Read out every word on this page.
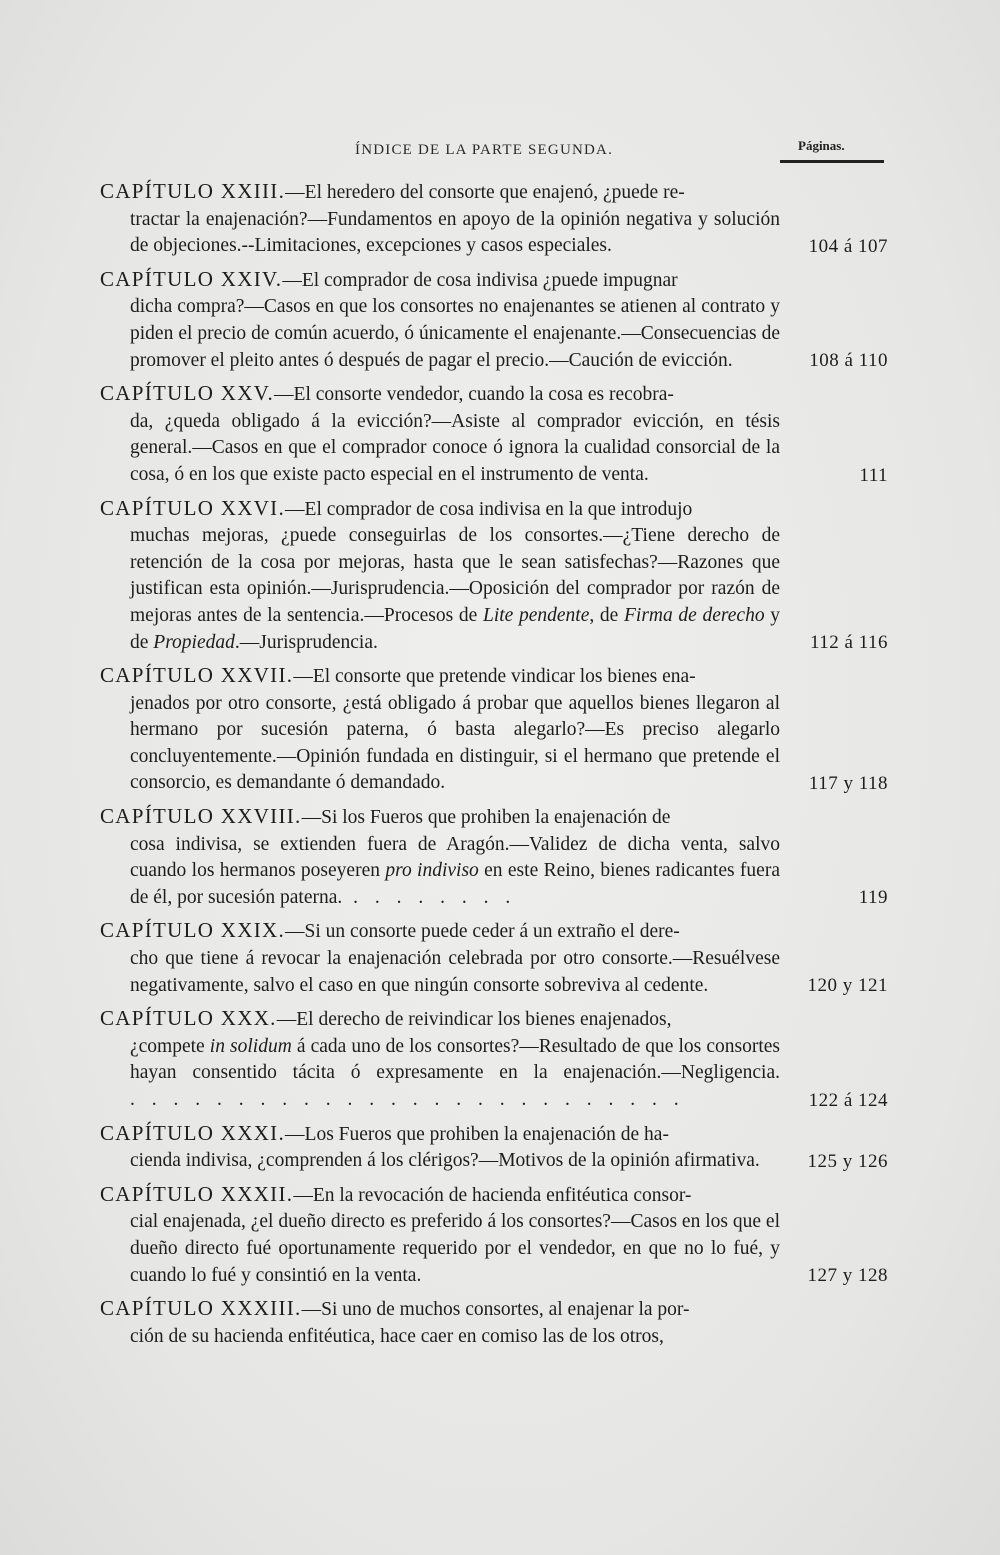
ÍNDICE DE LA PARTE SEGUNDA.	Páginas.
CAPÍTULO XXIII.—El heredero del consorte que enajenó, ¿puede re-
tractar la enajenación?—Fundamentos en apoyo de la opinión negativa y solución de objeciones.--Limitaciones, excepciones y casos especiales.	104 á 107
CAPÍTULO XXIV.—El comprador de cosa indivisa ¿puede impugnar
dicha compra?—Casos en que los consortes no enajenantes se atienen al contrato y piden el precio de común acuerdo, ó únicamente el enajenante.—Consecuencias de promover el pleito antes ó después de pagar el precio.—Caución de evicción.	108 á 110
CAPÍTULO XXV.—El consorte vendedor, cuando la cosa es recobra-
da, ¿queda obligado á la evicción?—Asiste al comprador evicción, en tésis general.—Casos en que el comprador conoce ó ignora la cualidad consorcial de la cosa, ó en los que existe pacto especial en el instrumento de venta.	111
CAPÍTULO XXVI.—El comprador de cosa indivisa en la que introdujo
muchas mejoras, ¿puede conseguirlas de los consortes.—¿Tiene derecho de retención de la cosa por mejoras, hasta que le sean satisfechas?—Razones que justifican esta opinión.—Jurisprudencia.—Oposición del comprador por razón de mejoras antes de la sentencia.—Procesos de Lite pendente, de Firma de derecho y de Propiedad.—Jurisprudencia.	112 á 116
CAPÍTULO XXVII.—El consorte que pretende vindicar los bienes ena-
jenados por otro consorte, ¿está obligado á probar que aquellos bienes llegaron al hermano por sucesión paterna, ó basta alegarlo?—Es preciso alegarlo concluyentemente.—Opinión fundada en distinguir, si el hermano que pretende el consorcio, es demandante ó demandado.	117 y 118
CAPÍTULO XXVIII.—Si los Fueros que prohiben la enajenación de
cosa indivisa, se extienden fuera de Aragón.—Validez de dicha venta, salvo cuando los hermanos poseyeren pro indiviso en este Reino, bienes radicantes fuera de él, por sucesión paterna. . . . . . . . .	119
CAPÍTULO XXIX.—Si un consorte puede ceder á un extraño el dere-
cho que tiene á revocar la enajenación celebrada por otro consorte.—Resuélvese negativamente, salvo el caso en que ningún consorte sobreviva al cedente.	120 y 121
CAPÍTULO XXX.—El derecho de reivindicar los bienes enajenados,
¿compete in solidum á cada uno de los consortes?—Resultado de que los consortes hayan consentido tácita ó expresamente en la enajenación.—Negligencia. . . . . . . . . . . . . . . . . . . . . . . . . . .	122 á 124
CAPÍTULO XXXI.—Los Fueros que prohiben la enajenación de ha-
cienda indivisa, ¿comprenden á los clérigos?—Motivos de la opinión afirmativa.	125 y 126
CAPÍTULO XXXII.—En la revocación de hacienda enfitéutica consor-
cial enajenada, ¿el dueño directo es preferido á los consortes?—Casos en los que el dueño directo fué oportunamente requerido por el vendedor, en que no lo fué, y cuando lo fué y consintió en la venta.	127 y 128
CAPÍTULO XXXIII.—Si uno de muchos consortes, al enajenar la por-
ción de su hacienda enfitéutica, hace caer en comiso las de los otros,
